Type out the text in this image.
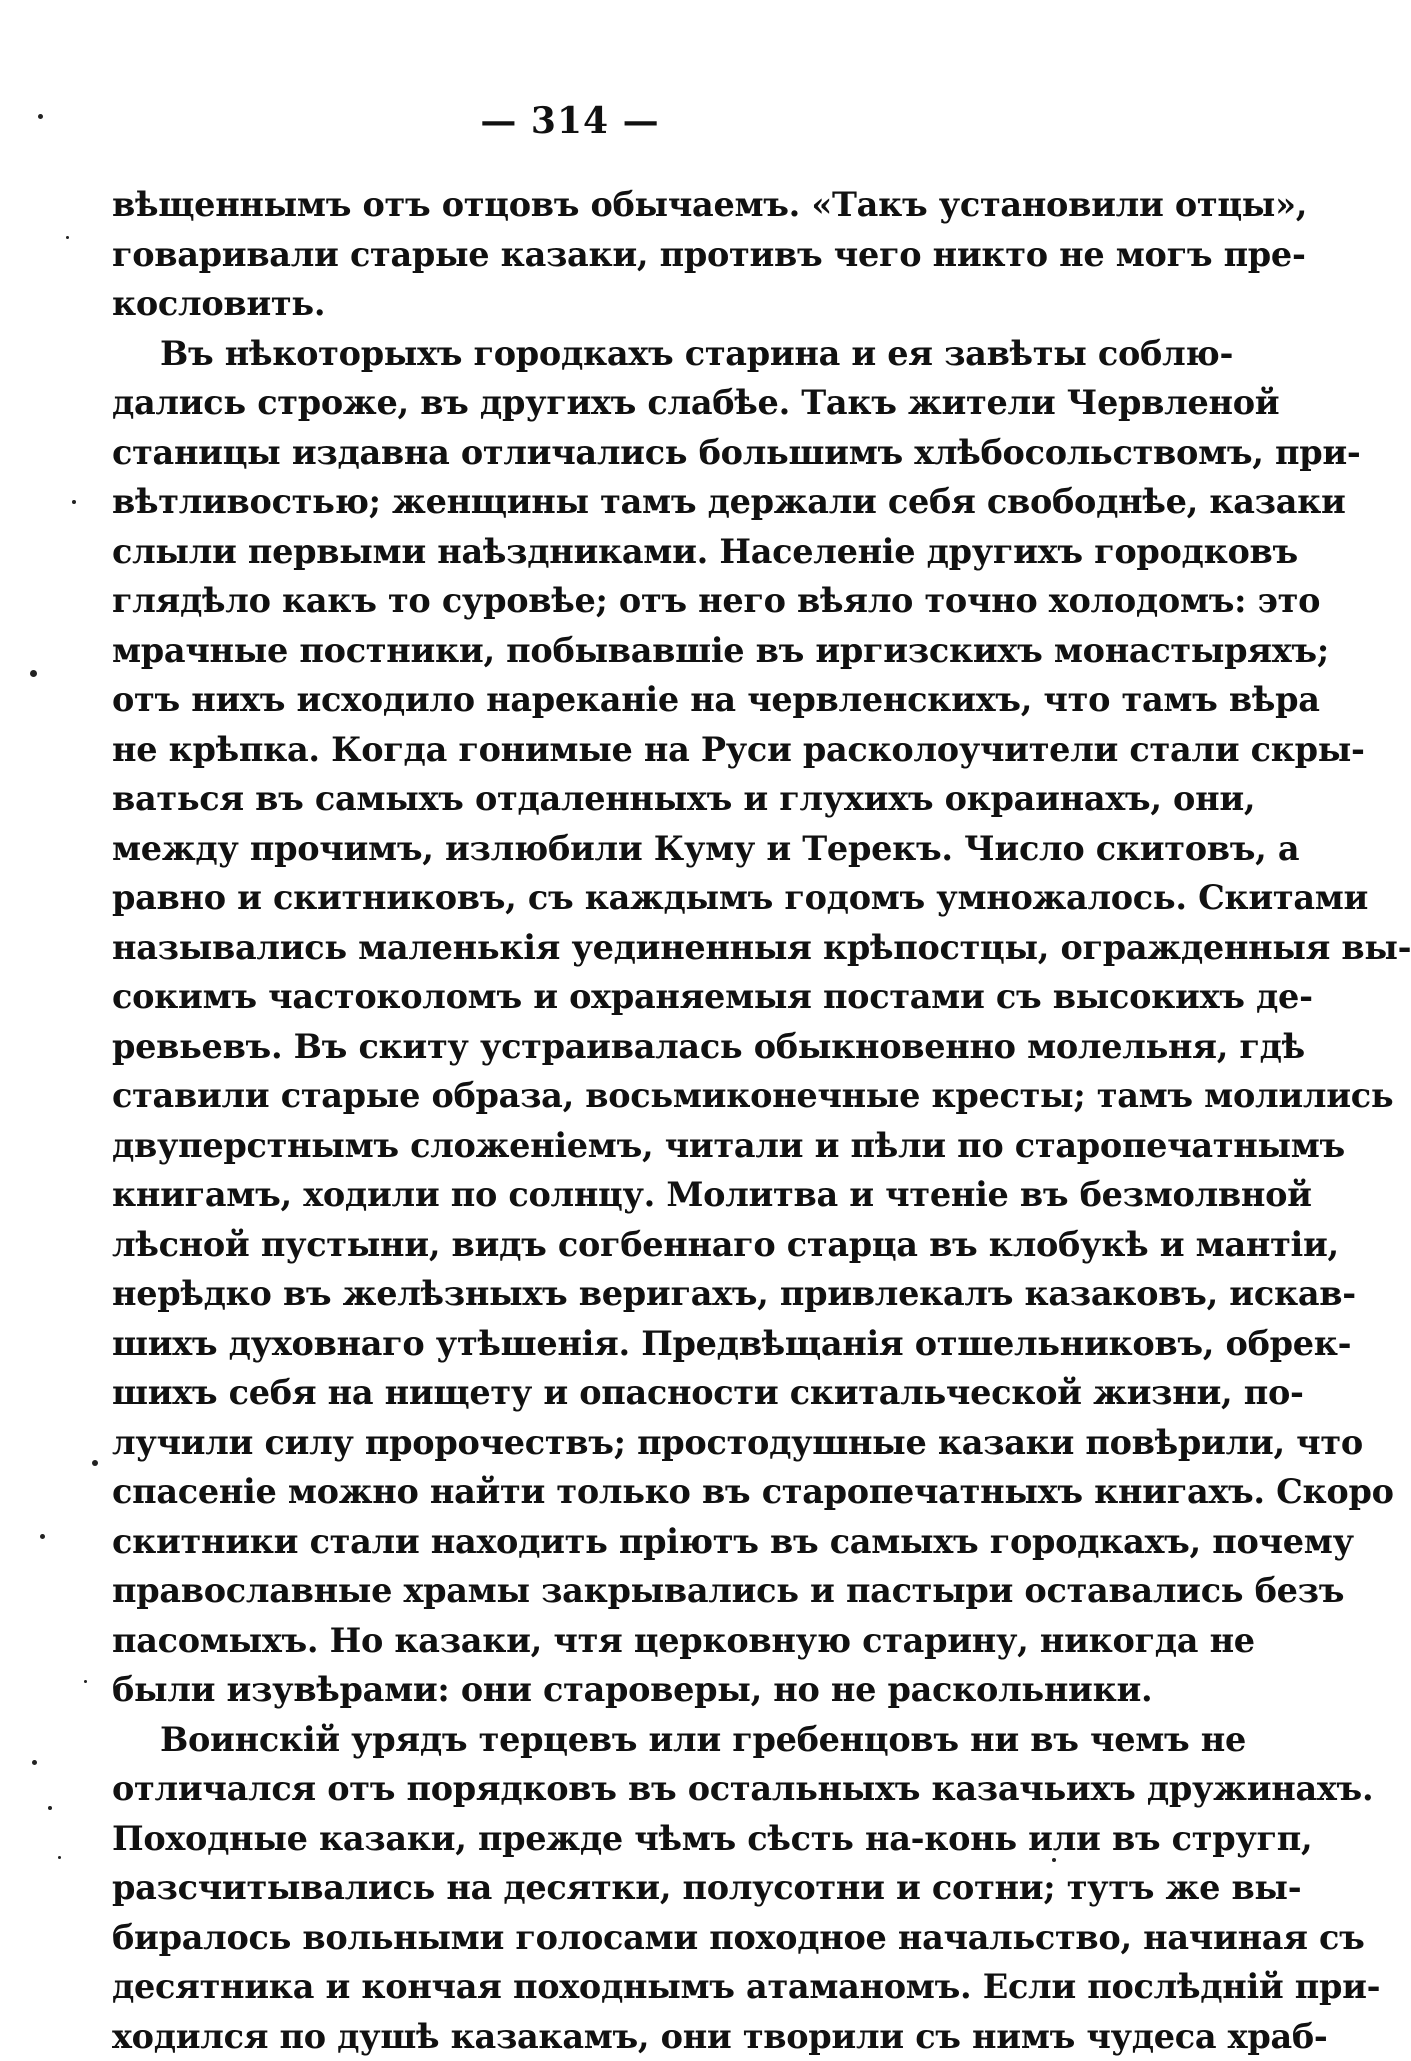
— 314 —
вѣщеннымъ отъ отцовъ обычаемъ. «Такъ установили отцы»,
говаривали старые казаки, противъ чего никто не могъ пре-
кословить.
Въ нѣкоторыхъ городкахъ старина и ея завѣты соблю-
дались строже, въ другихъ слабѣе. Такъ жители Червленой
станицы издавна отличались большимъ хлѣбосольствомъ, при-
вѣтливостью; женщины тамъ держали себя свободнѣе, казаки
слыли первыми наѣздниками. Населеніе другихъ городковъ
глядѣло какъ то суровѣе; отъ него вѣяло точно холодомъ: это
мрачные постники, побывавшіе въ иргизскихъ монастыряхъ;
отъ нихъ исходило нареканіе на червленскихъ, что тамъ вѣра
не крѣпка. Когда гонимые на Руси расколоучители стали скры-
ваться въ самыхъ отдаленныхъ и глухихъ окраинахъ, они,
между прочимъ, излюбили Куму и Терекъ. Число скитовъ, а
равно и скитниковъ, съ каждымъ годомъ умножалось. Скитами
назывались маленькія уединенныя крѣпостцы, огражденныя вы-
сокимъ частоколомъ и охраняемыя постами съ высокихъ де-
ревьевъ. Въ скиту устраивалась обыкновенно молельня, гдѣ
ставили старые образа, восьмиконечные кресты; тамъ молились
двуперстнымъ сложеніемъ, читали и пѣли по старопечатнымъ
книгамъ, ходили по солнцу. Молитва и чтеніе въ безмолвной
лѣсной пустыни, видъ согбеннаго старца въ клобукѣ и мантіи,
нерѣдко въ желѣзныхъ веригахъ, привлекалъ казаковъ, искав-
шихъ духовнаго утѣшенія. Предвѣщанія отшельниковъ, обрек-
шихъ себя на нищету и опасности скитальческой жизни, по-
лучили силу пророчествъ; простодушные казаки повѣрили, что
спасеніе можно найти только въ старопечатныхъ книгахъ. Скоро
скитники стали находить пріютъ въ самыхъ городкахъ, почему
православные храмы закрывались и пастыри оставались безъ
пасомыхъ. Но казаки, чтя церковную старину, никогда не
были изувѣрами: они староверы, но не раскольники.
Воинскій урядъ терцевъ или гребенцовъ ни въ чемъ не
отличался отъ порядковъ въ остальныхъ казачьихъ дружинахъ.
Походные казаки, прежде чѣмъ сѣсть на-конь или въ стругп,
разсчитывались на десятки, полусотни и сотни; тутъ же вы-
биралось вольными голосами походное начальство, начиная съ
десятника и кончая походнымъ атаманомъ. Если послѣдній при-
ходился по душѣ казакамъ, они творили съ нимъ чудеса храб-
